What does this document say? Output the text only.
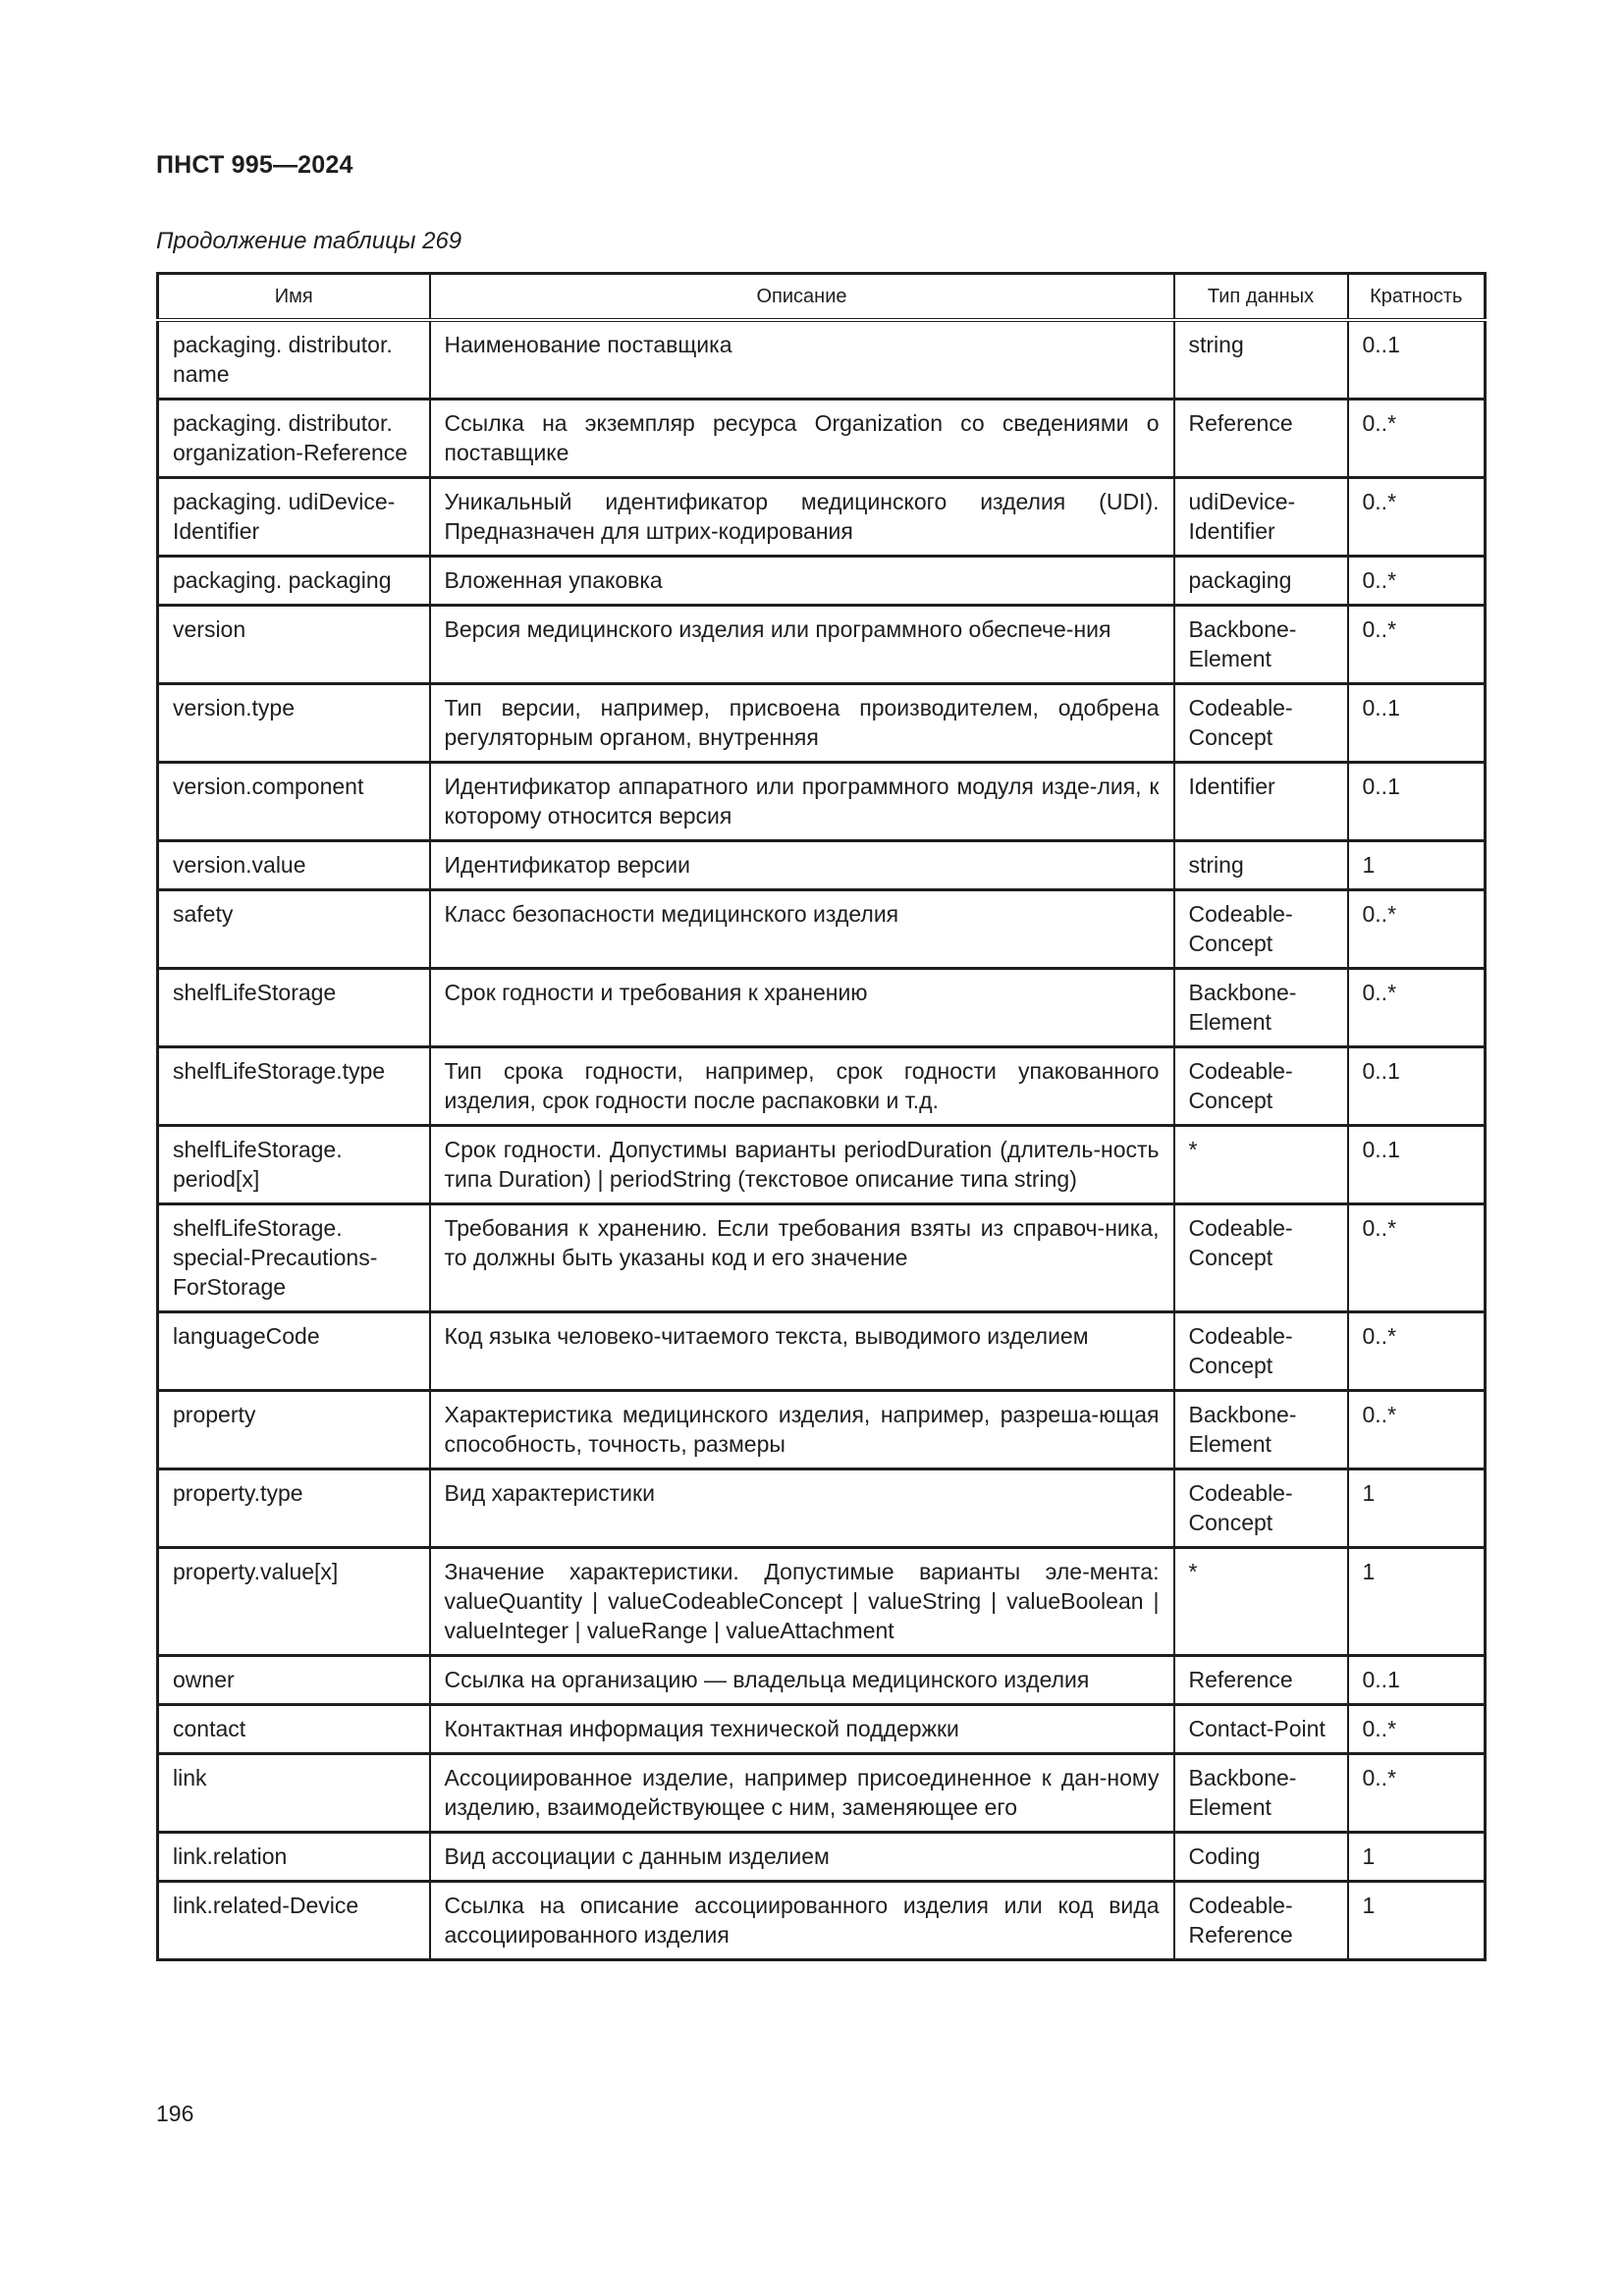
ПНСТ 995—2024
Продолжение таблицы 269
Имя	Описание	Тип данных	Кратность
packaging. distributor. name	Наименование поставщика	string	0..1
packaging. distributor. organization-Reference	Ссылка на экземпляр ресурса Organization со сведениями о поставщике	Reference	0..*
packaging. udiDevice-Identifier	Уникальный идентификатор медицинского изделия (UDI). Предназначен для штрих-кодирования	udiDevice-Identifier	0..*
packaging. packaging	Вложенная упаковка	packaging	0..*
version	Версия медицинского изделия или программного обеспече-ния	Backbone-Element	0..*
version.type	Тип версии, например, присвоена производителем, одобрена регуляторным органом, внутренняя	Codeable-Concept	0..1
version.component	Идентификатор аппаратного или программного модуля изде-лия, к которому относится версия	Identifier	0..1
version.value	Идентификатор версии	string	1
safety	Класс безопасности медицинского изделия	Codeable-Concept	0..*
shelfLifeStorage	Срок годности и требования к хранению	Backbone-Element	0..*
shelfLifeStorage.type	Тип срока годности, например, срок годности упакованного изделия, срок годности после распаковки и т.д.	Codeable-Concept	0..1
shelfLifeStorage. period[x]	Срок годности. Допустимы варианты periodDuration (длитель-ность типа Duration) | periodString (текстовое описание типа string)	*	0..1
shelfLifeStorage. special-Precautions-ForStorage	Требования к хранению. Если требования взяты из справоч-ника, то должны быть указаны код и его значение	Codeable-Concept	0..*
languageCode	Код языка человеко-читаемого текста, выводимого изделием	Codeable-Concept	0..*
property	Характеристика медицинского изделия, например, разреша-ющая способность, точность, размеры	Backbone-Element	0..*
property.type	Вид характеристики	Codeable-Concept	1
property.value[x]	Значение характеристики. Допустимые варианты эле-мента: valueQuantity | valueCodeableConcept | valueString | valueBoolean | valueInteger | valueRange | valueAttachment	*	1
owner	Ссылка на организацию — владельца медицинского изделия	Reference	0..1
contact	Контактная информация технической поддержки	Contact-Point	0..*
link	Ассоциированное изделие, например присоединенное к дан-ному изделию, взаимодействующее с ним, заменяющее его	Backbone-Element	0..*
link.relation	Вид ассоциации с данным изделием	Coding	1
link.related-Device	Ссылка на описание ассоциированного изделия или код вида ассоциированного изделия	Codeable-Reference	1
196
